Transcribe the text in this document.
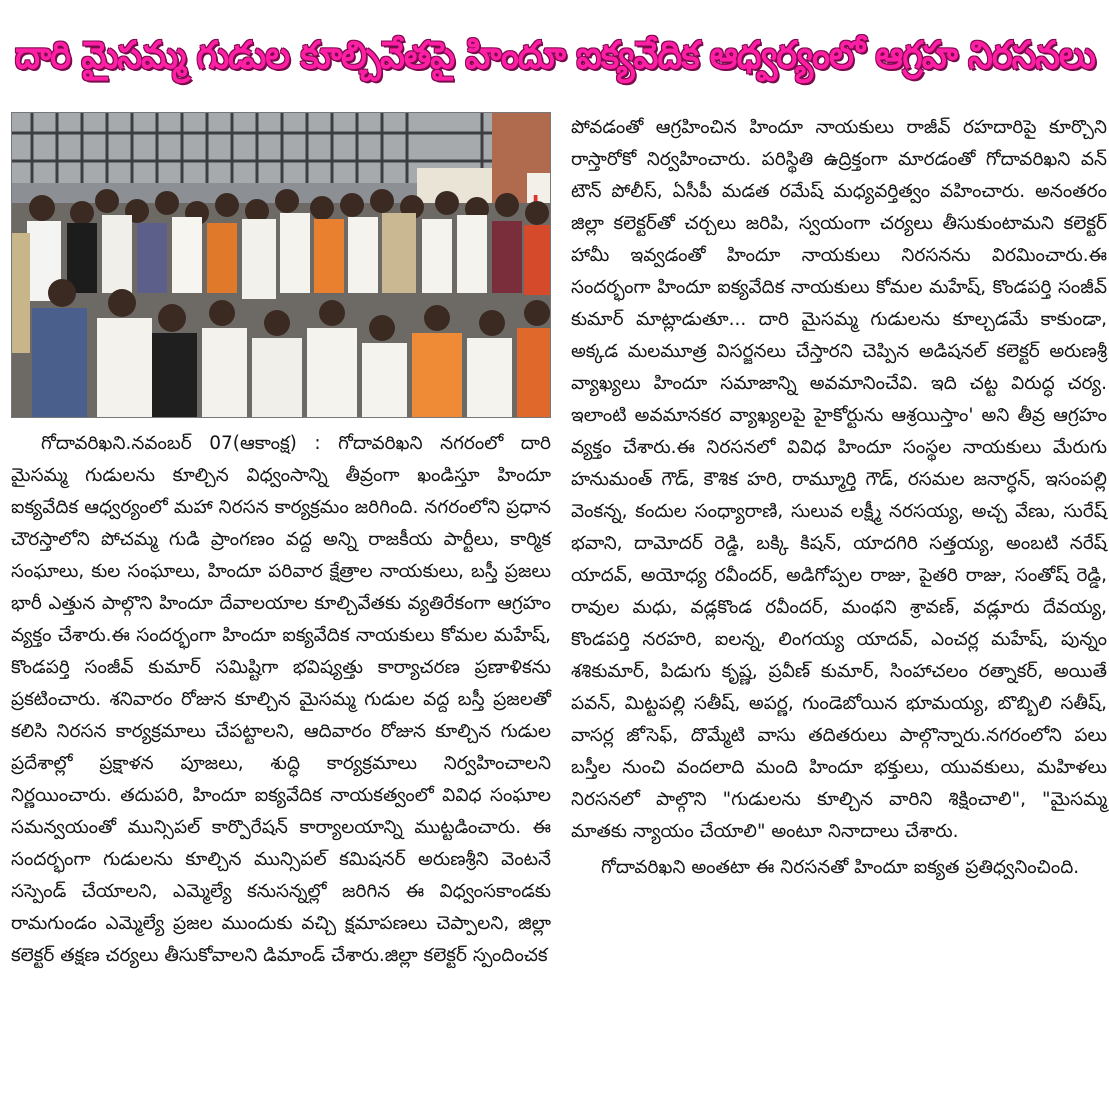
దారి మైసమ్మ గుడుల కూల్చివేతపై హిందూ ఐక్యవేదిక ఆధ్వర్యంలో ఆగ్రహ నిరసనలు

గోదావరిఖని.నవంబర్ 07(ఆకాంక్ష) : గోదావరిఖని నగరంలో దారి మైసమ్మ గుడులను కూల్చిన విధ్వంసాన్ని తీవ్రంగా ఖండిస్తూ హిందూ ఐక్యవేదిక ఆధ్వర్యంలో మహా నిరసన కార్యక్రమం జరిగింది. నగరంలోని ప్రధాన చౌరస్తాలోని పోచమ్మ గుడి ప్రాంగణం వద్ద అన్ని రాజకీయ పార్టీలు, కార్మిక సంఘాలు, కుల సంఘాలు, హిందూ పరివార క్షేత్రాల నాయకులు, బస్తీ ప్రజలు భారీ ఎత్తున పాల్గొని హిందూ దేవాలయాల కూల్చివేతకు వ్యతిరేకంగా ఆగ్రహం వ్యక్తం చేశారు.ఈ సందర్భంగా హిందూ ఐక్యవేదిక నాయకులు కోమల మహేష్, కొండపర్తి సంజీవ్ కుమార్ సమిష్టిగా భవిష్యత్తు కార్యాచరణ ప్రణాళికను ప్రకటించారు. శనివారం రోజున కూల్చిన మైసమ్మ గుడుల వద్ద బస్తీ ప్రజలతో కలిసి నిరసన కార్యక్రమాలు చేపట్టాలని, ఆదివారం రోజున కూల్చిన గుడుల ప్రదేశాల్లో ప్రక్షాళన పూజలు, శుద్ధి కార్యక్రమాలు నిర్వహించాలని నిర్ణయించారు. తదుపరి, హిందూ ఐక్యవేదిక నాయకత్వంలో వివిధ సంఘాల సమన్వయంతో మున్సిపల్ కార్పొరేషన్ కార్యాలయాన్ని ముట్టడించారు. ఈ సందర్భంగా గుడులను కూల్చిన మున్సిపల్ కమిషనర్ అరుణశ్రీని వెంటనే సస్పెండ్ చేయాలని, ఎమ్మెల్యే కనుసన్నల్లో జరిగిన ఈ విధ్వంసకాండకు రామగుండం ఎమ్మెల్యే ప్రజల ముందుకు వచ్చి క్షమాపణలు చెప్పాలని, జిల్లా కలెక్టర్ తక్షణ చర్యలు తీసుకోవాలని డిమాండ్ చేశారు.జిల్లా కలెక్టర్ స్పందించక

పోవడంతో ఆగ్రహించిన హిందూ నాయకులు రాజీవ్ రహదారిపై కూర్చొని రాస్తారోకో నిర్వహించారు. పరిస్థితి ఉద్రిక్తంగా మారడంతో గోదావరిఖని వన్ టౌన్ పోలీస్, ఏసీపీ మడత రమేష్ మధ్యవర్తిత్వం వహించారు. అనంతరం జిల్లా కలెక్టర్‌తో చర్చలు జరిపి, స్వయంగా చర్యలు తీసుకుంటామని కలెక్టర్ హామీ ఇవ్వడంతో హిందూ నాయకులు నిరసనను విరమించారు.ఈ సందర్భంగా హిందూ ఐక్యవేదిక నాయకులు కోమల మహేష్, కొండపర్తి సంజీవ్ కుమార్ మాట్లాడుతూ... దారి మైసమ్మ గుడులను కూల్చడమే కాకుండా, అక్కడ మలమూత్ర విసర్జనలు చేస్తారని చెప్పిన అడిషనల్ కలెక్టర్ అరుణశ్రీ వ్యాఖ్యలు హిందూ సమాజాన్ని అవమానించేవి. ఇది చట్ట విరుద్ధ చర్య. ఇలాంటి అవమానకర వ్యాఖ్యలపై హైకోర్టును ఆశ్రయిస్తాం' అని తీవ్ర ఆగ్రహం వ్యక్తం చేశారు.ఈ నిరసనలో వివిధ హిందూ సంస్థల నాయకులు మేరుగు హనుమంత్ గౌడ్, కౌశిక హరి, రామ్మూర్తి గౌడ్, రసమల జనార్ధన్, ఇసంపల్లి వెంకన్న, కందుల సంధ్యారాణి, సులువ లక్ష్మీ నరసయ్య, అచ్చ వేణు, సురేష్ భవాని, దామోదర్ రెడ్డి, బక్కి కిషన్, యాదగిరి సత్తయ్య, అంబటి నరేష్ యాదవ్, అయోధ్య రవీందర్, అడిగోప్పల రాజు, పైతరి రాజు, సంతోష్ రెడ్డి, రావుల మధు, వడ్లకొండ రవీందర్, మంథని శ్రావణ్, వడ్లూరు దేవయ్య, కొండపర్తి నరహరి, ఐలన్న, లింగయ్య యాదవ్, ఎంచర్ల మహేష్, పున్నం శశికుమార్, పిడుగు కృష్ణ, ప్రవీణ్ కుమార్, సింహాచలం రత్నాకర్, అయితే పవన్, మిట్టపల్లి సతీష్, అపర్ణ, గుండెబోయిన భూమయ్య, బొబ్బిలి సతీష్, వాసర్ల జోసెఫ్, దొమ్మేటి వాసు తదితరులు పాల్గొన్నారు.నగరంలోని పలు బస్తీల నుంచి వందలాది మంది హిందూ భక్తులు, యువకులు, మహిళలు నిరసనలో పాల్గొని "గుడులను కూల్చిన వారిని శిక్షించాలి", "మైసమ్మ మాతకు న్యాయం చేయాలి" అంటూ నినాదాలు చేశారు.

గోదావరిఖని అంతటా ఈ నిరసనతో హిందూ ఐక్యత ప్రతిధ్వనించింది.
